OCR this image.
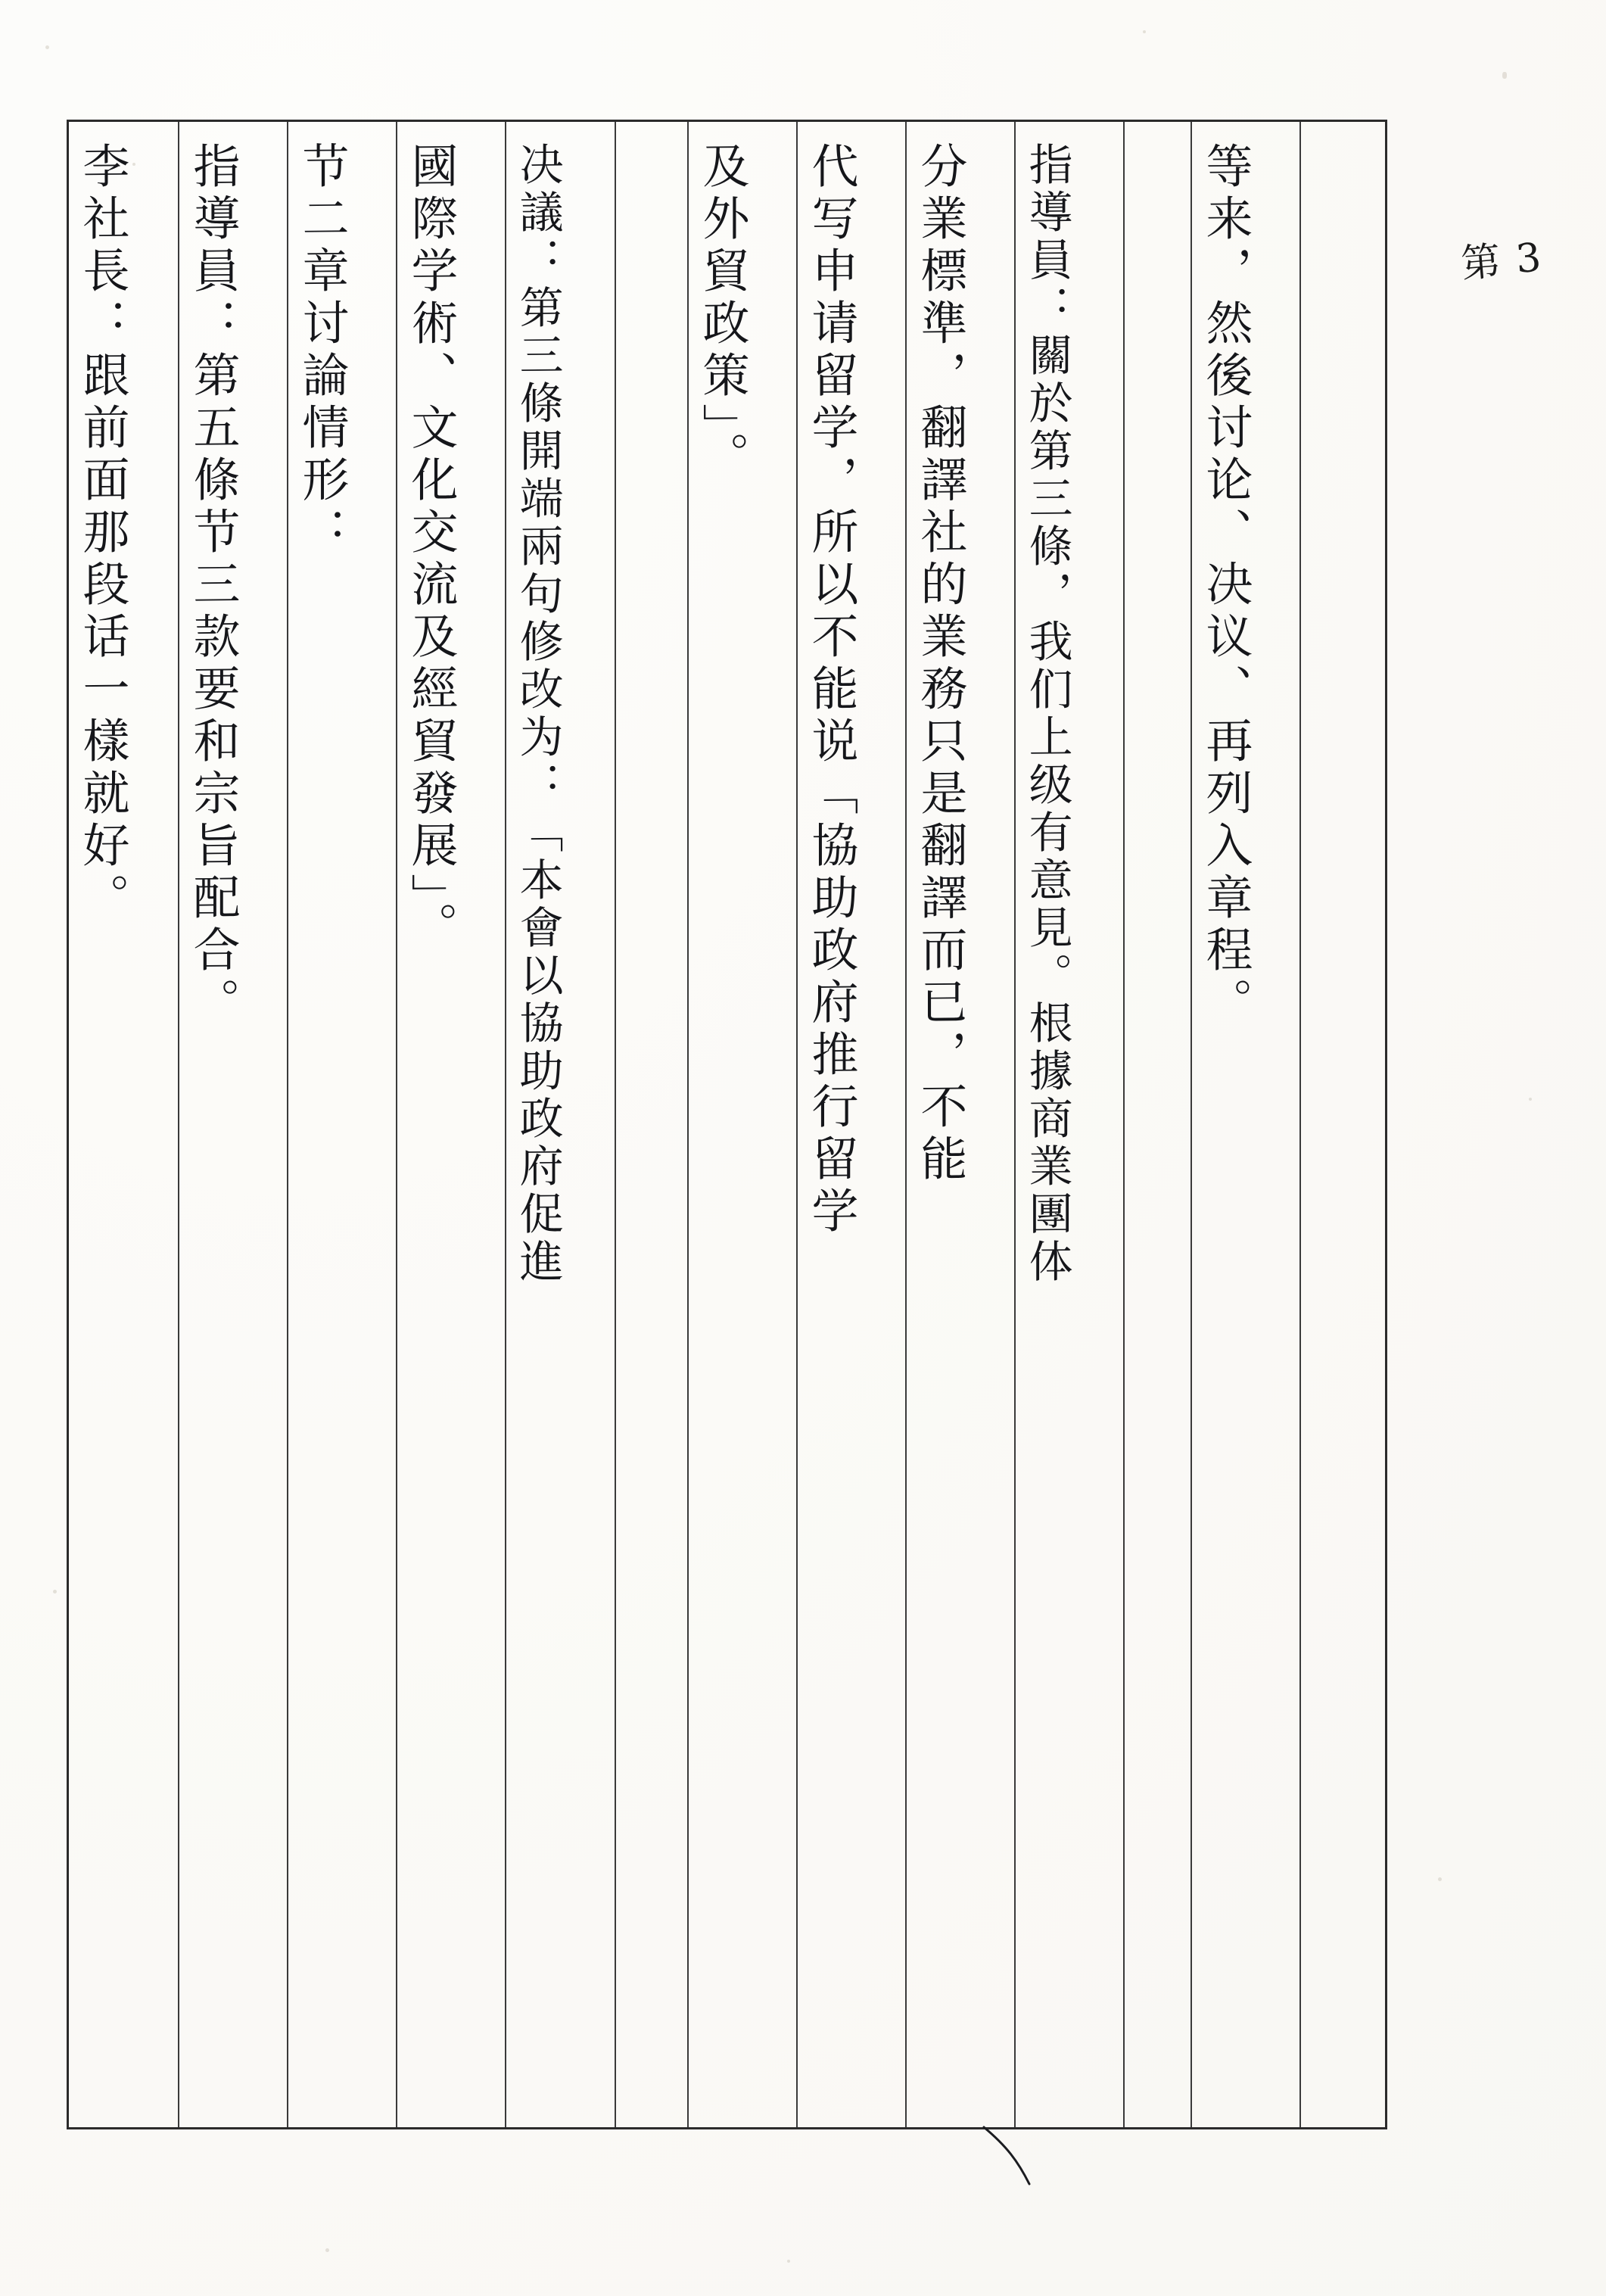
第 3
等来，然後讨论、决议、再列入章程。
指導員：關於第三條，我们上级有意見。根據商業團体
分業標準，翻譯社的業務只是翻譯而已，不能
代写申请留学，所以不能说「協助政府推行留学
及外貿政策」。
决議：第三條開端兩句修改为：「本會以協助政府促進
國際学術、文化交流及經貿發展」。
节二章讨論情形：
指導員：第五條节三款要和宗旨配合。
李社長：跟前面那段话一樣就好。
